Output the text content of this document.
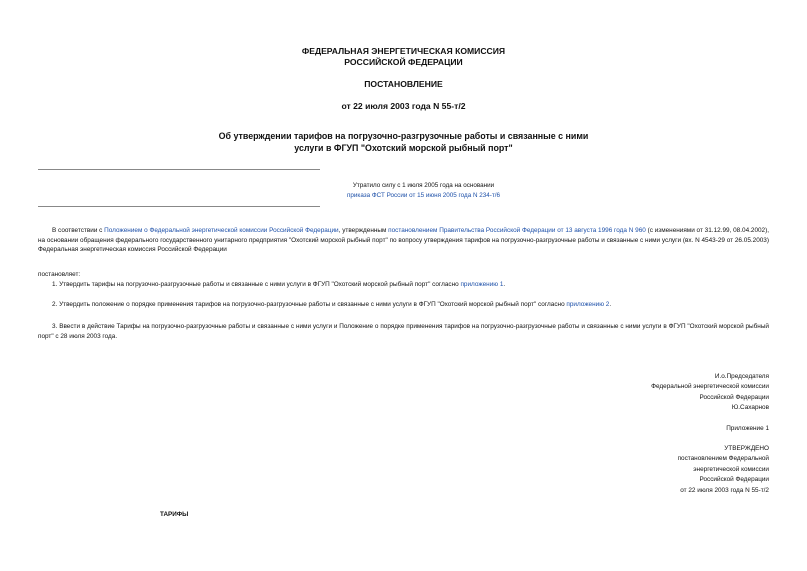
ФЕДЕРАЛЬНАЯ ЭНЕРГЕТИЧЕСКАЯ КОМИССИЯ
РОССИЙСКОЙ ФЕДЕРАЦИИ
ПОСТАНОВЛЕНИЕ
от 22 июля 2003 года N 55-т/2
Об утверждении тарифов на погрузочно-разгрузочные работы и связанные с ними
услуги в ФГУП "Охотский морской рыбный порт"
Утратило силу с 1 июля 2005 года на основании
приказа ФСТ России от 15 июня 2005 года N 234-т/6
В соответствии с Положением о Федеральной энергетической комиссии Российской Федерации, утвержденным постановлением Правительства Российской Федерации от 13 августа 1996 года N 960 (с изменениями от 31.12.99, 08.04.2002), на основании обращения федерального государственного унитарного предприятия "Охотский морской рыбный порт" по вопросу утверждения тарифов на погрузочно-разгрузочные работы и связанные с ними услуги (вх. N 4543-29 от 26.05.2003) Федеральная энергетическая комиссия Российской Федерации
постановляет:
1. Утвердить тарифы на погрузочно-разгрузочные работы и связанные с ними услуги в ФГУП "Охотский морской рыбный порт" согласно приложению 1.
2. Утвердить положение о порядке применения тарифов на погрузочно-разгрузочные работы и связанные с ними услуги в ФГУП "Охотский морской рыбный порт" согласно приложению 2.
3. Ввести в действие Тарифы на погрузочно-разгрузочные работы и связанные с ними услуги и Положение о порядке применения тарифов на погрузочно-разгрузочные работы и связанные с ними услуги в ФГУП "Охотский морской рыбный порт" с 28 июля 2003 года.
И.о.Председателя
Федеральной энергетической комиссии
Российской Федерации
Ю.Сахарнов
Приложение 1
УТВЕРЖДЕНО
постановлением Федеральной
энергетической комиссии
Российской Федерации
от 22 июля 2003 года N 55-т/2
ТАРИФЫ
